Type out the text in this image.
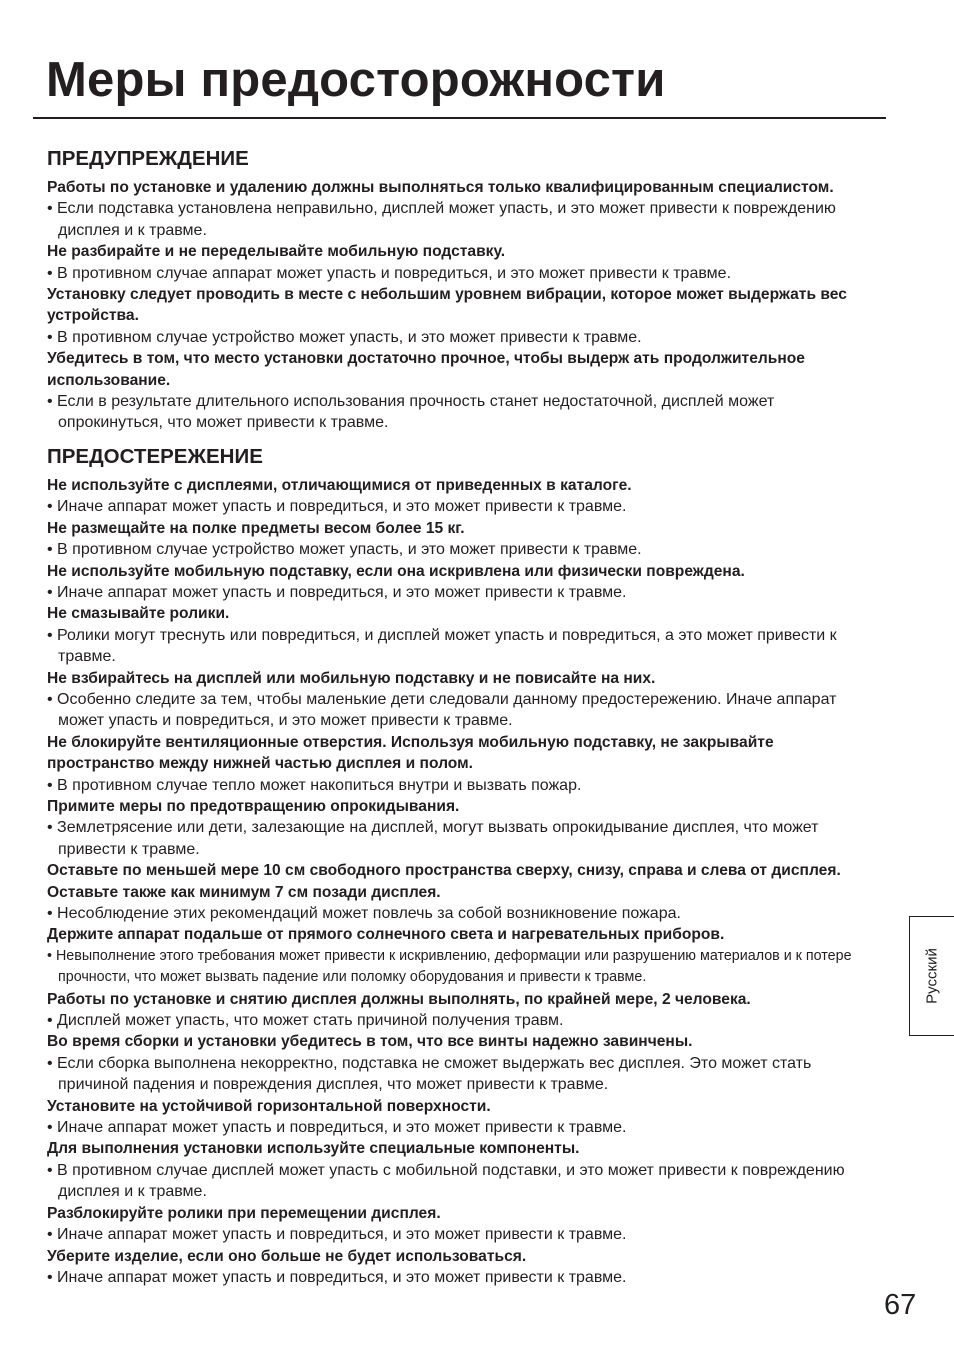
Меры предосторожности
ПРЕДУПРЕЖДЕНИЕ
Работы по установке и удалению должны выполняться только квалифицированным специалистом.
• Если подставка установлена неправильно, дисплей может упасть, и это может привести к повреждению дисплея и к травме.
Не разбирайте и не переделывайте мобильную подставку.
• В противном случае аппарат может упасть и повредиться, и это может привести к травме.
Установку следует проводить в месте с небольшим уровнем вибрации, которое может выдержать вес устройства.
• В противном случае устройство может упасть, и это может привести к травме.
Убедитесь в том, что место установки достаточно прочное, чтобы выдерж ать продолжительное использование.
• Если в результате длительного использования прочность станет недостаточной, дисплей может опрокинуться, что может привести к травме.
ПРЕДОСТЕРЕЖЕНИЕ
Не используйте с дисплеями, отличающимися от приведенных в каталоге.
• Иначе аппарат может упасть и повредиться, и это может привести к травме.
Не размещайте на полке предметы весом более 15 кг.
• В противном случае устройство может упасть, и это может привести к травме.
Не используйте мобильную подставку, если она искривлена или физически повреждена.
• Иначе аппарат может упасть и повредиться, и это может привести к травме.
Не смазывайте ролики.
• Ролики могут треснуть или повредиться, и дисплей может упасть и повредиться, а это может привести к травме.
Не взбирайтесь на дисплей или мобильную подставку и не повисайте на них.
• Особенно следите за тем, чтобы маленькие дети следовали данному предостережению. Иначе аппарат может упасть и повредиться, и это может привести к травме.
Не блокируйте вентиляционные отверстия. Используя мобильную подставку, не закрывайте пространство между нижней частью дисплея и полом.
• В противном случае тепло может накопиться внутри и вызвать пожар.
Примите меры по предотвращению опрокидывания.
• Землетрясение или дети, залезающие на дисплей, могут вызвать опрокидывание дисплея, что может привести к травме.
Оставьте по меньшей мере 10 см свободного пространства сверху, снизу, справа и слева от дисплея. Оставьте также как минимум 7 см позади дисплея.
• Несоблюдение этих рекомендаций может повлечь за собой возникновение пожара.
Держите аппарат подальше от прямого солнечного света и нагревательных приборов.
• Невыполнение этого требования может привести к искривлению, деформации или разрушению материалов и к потере прочности, что может вызвать падение или поломку оборудования и привести к травме.
Работы по установке и снятию дисплея должны выполнять, по крайней мере, 2 человека.
• Дисплей может упасть, что может стать причиной получения травм.
Во время сборки и установки убедитесь в том, что все винты надежно завинчены.
• Если сборка выполнена некорректно, подставка не сможет выдержать вес дисплея. Это может стать причиной падения и повреждения дисплея, что может привести к травме.
Установите на устойчивой горизонтальной поверхности.
• Иначе аппарат может упасть и повредиться, и это может привести к травме.
Для выполнения установки используйте специальные компоненты.
• В противном случае дисплей может упасть с мобильной подставки, и это может привести к повреждению дисплея и к травме.
Разблокируйте ролики при перемещении дисплея.
• Иначе аппарат может упасть и повредиться, и это может привести к травме.
Уберите изделие, если оно больше не будет использоваться.
• Иначе аппарат может упасть и повредиться, и это может привести к травме.
Русский
67
